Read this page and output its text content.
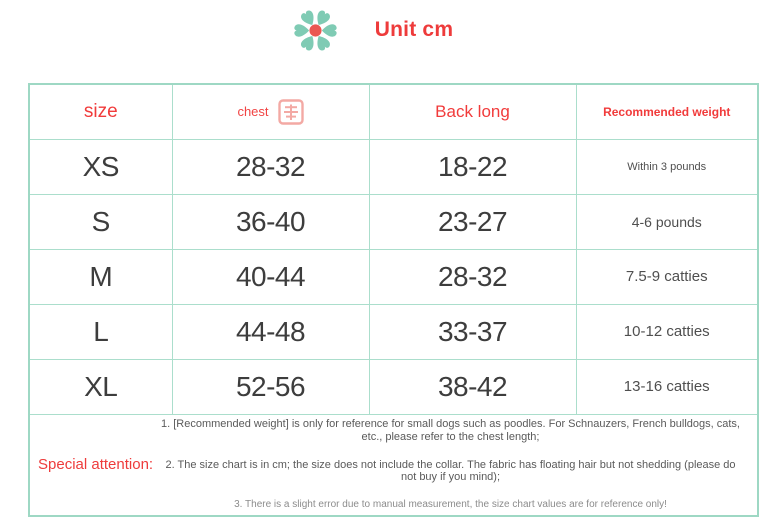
Unit cm
size	chest	Back long	Recommended weight
XS	28-32	18-22	Within 3 pounds
S	36-40	23-27	4-6 pounds
M	40-44	28-32	7.5-9 catties
L	44-48	33-37	10-12 catties
XL	52-56	38-42	13-16 catties

Special attention:
1. [Recommended weight] is only for reference for small dogs such as poodles. For Schnauzers, French bulldogs, cats, etc., please refer to the chest length;
2. The size chart is in cm; the size does not include the collar. The fabric has floating hair but not shedding (please do not buy if you mind);
3. There is a slight error due to manual measurement, the size chart values are for reference only!			
